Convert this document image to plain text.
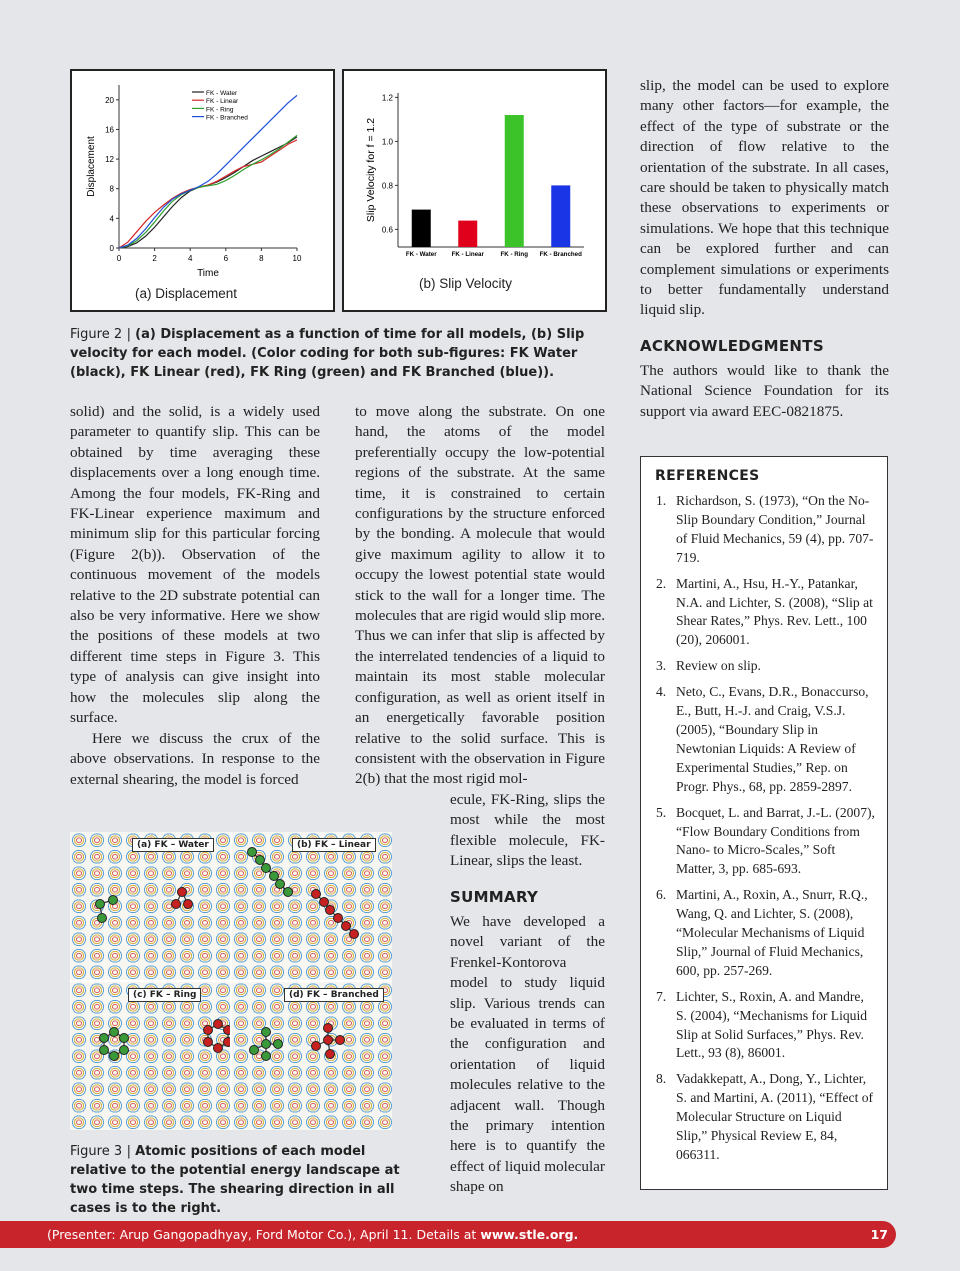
0	2	4	6	8	10
0
4
8
12
16
20
Time
Displacement
FK - Water
FK - Linear
FK - Ring
FK - Branched
(a) Displacement
0.6
0.8
1.0
1.2
Slip Velocity for f = 1.2
FK - Water FK - Linear	FK - Ring FK - Branched
(b) Slip Velocity
Figure 2 | (a) Displacement as a function of time for all models, (b) Slip velocity for each model. (Color coding for both sub-figures: FK Water (black), FK Linear (red), FK Ring (green) and FK Branched (blue)).
solid) and the solid, is a widely used parameter to quantify slip. This can be obtained by time averaging these displacements over a long enough time. Among the four models, FK-Ring and FK-Linear experience maximum and minimum slip for this particular forcing (Figure 2(b)). Observation of the continuous movement of the models relative to the 2D substrate potential can also be very informative. Here we show the positions of these models at two different time steps in Figure 3. This type of analysis can give insight into how the molecules slip along the surface.
Here we discuss the crux of the above observations. In response to the external shearing, the model is forced
to move along the substrate. On one hand, the atoms of the model preferentially occupy the low-potential regions of the substrate. At the same time, it is constrained to certain configurations by the structure enforced by the bonding. A molecule that would give maximum agility to allow it to occupy the lowest potential state would stick to the wall for a longer time. The molecules that are rigid would slip more. Thus we can infer that slip is affected by the interrelated tendencies of a liquid to maintain its most stable molecular configuration, as well as orient itself in an energetically favorable position relative to the solid surface. This is consistent with the observation in Figure 2(b) that the most rigid mol-
ecule, FK-Ring, slips the most while the most flexible molecule, FK-Linear, slips the least.
SUMMARY
We have developed a novel variant of the Frenkel-Kontorova model to study liquid slip. Various trends can be evaluated in terms of the configuration and orientation of liquid molecules relative to the adjacent wall. Though the primary intention here is to quantify the effect of liquid molecular shape on
(a) FK – Water	(b) FK – Linear
(c) FK – Ring	(d) FK – Branched
Figure 3 | Atomic positions of each model relative to the potential energy landscape at two time steps. The shearing direction in all cases is to the right.
slip, the model can be used to explore many other factors—for example, the effect of the type of substrate or the direction of flow relative to the orientation of the substrate. In all cases, care should be taken to physically match these observations to experiments or simulations. We hope that this technique can be explored further and can complement simulations or experiments to better fundamentally understand liquid slip.
ACKNOWLEDGMENTS
The authors would like to thank the National Science Foundation for its support via award EEC-0821875.
REFERENCES
1. Richardson, S. (1973), “On the No-Slip Boundary Condition,” Journal of Fluid Mechanics, 59 (4), pp. 707-719.
2. Martini, A., Hsu, H.-Y., Patankar, N.A. and Lichter, S. (2008), “Slip at Shear Rates,” Phys. Rev. Lett., 100 (20), 206001.
3. Review on slip.
4. Neto, C., Evans, D.R., Bonaccurso, E., Butt, H.-J. and Craig, V.S.J. (2005), “Boundary Slip in Newtonian Liquids: A Review of Experimental Studies,” Rep. on Progr. Phys., 68, pp. 2859-2897.
5. Bocquet, L. and Barrat, J.-L. (2007), “Flow Boundary Conditions from Nano- to Micro-Scales,” Soft Matter, 3, pp. 685-693.
6. Martini, A., Roxin, A., Snurr, R.Q., Wang, Q. and Lichter, S. (2008), “Molecular Mechanisms of Liquid Slip,” Journal of Fluid Mechanics, 600, pp. 257-269.
7. Lichter, S., Roxin, A. and Mandre, S. (2004), “Mechanisms for Liquid Slip at Solid Surfaces,” Phys. Rev. Lett., 93 (8), 86001.
8. Vadakkepatt, A., Dong, Y., Lichter, S. and Martini, A. (2011), “Effect of Molecular Structure on Liquid Slip,” Physical Review E, 84, 066311.
(Presenter: Arup Gangopadhyay, Ford Motor Co.), April 11. Details at www.stle.org.	17
